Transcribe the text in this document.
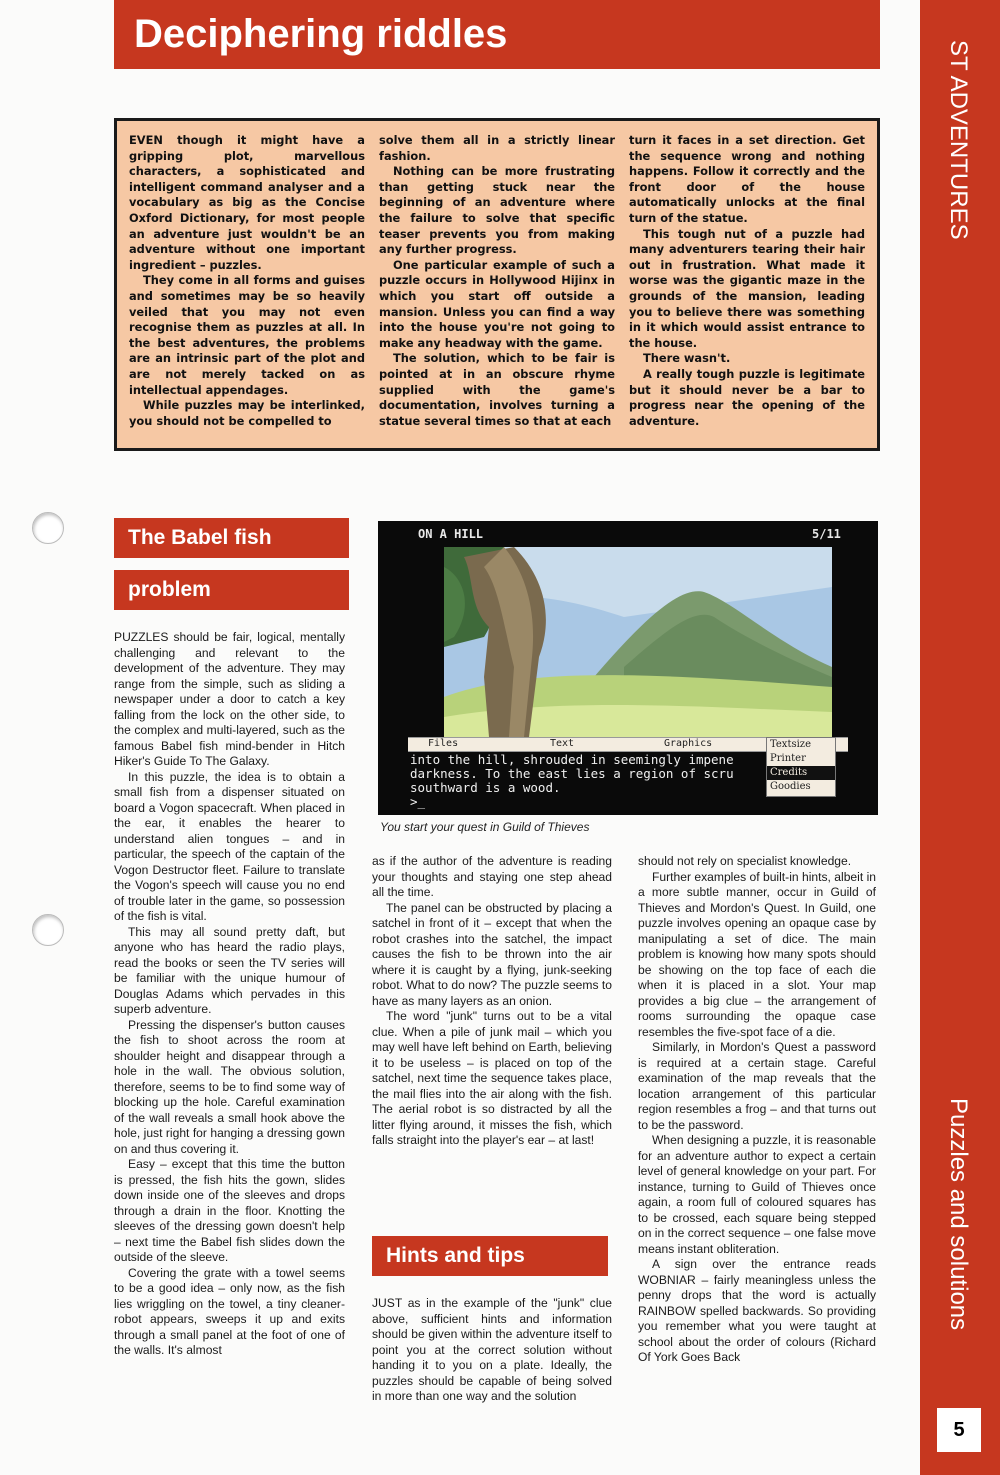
ST ADVENTURES
Puzzles and solutions
5
Deciphering riddles

EVEN though it might have a gripping plot, marvellous characters, a sophisticated and intelligent command analyser and a vocabulary as big as the Concise Oxford Dictionary, for most people an adventure just wouldn't be an adventure without one important ingredient – puzzles.

They come in all forms and guises and sometimes may be so heavily veiled that you may not even recognise them as puzzles at all. In the best adventures, the problems are an intrinsic part of the plot and are not merely tacked on as intellectual appendages.

While puzzles may be interlinked, you should not be compelled to

solve them all in a strictly linear fashion.

Nothing can be more frustrating than getting stuck near the beginning of an adventure where the failure to solve that specific teaser prevents you from making any further progress.

One particular example of such a puzzle occurs in Hollywood Hijinx in which you start off outside a mansion. Unless you can find a way into the house you're not going to make any headway with the game.

The solution, which to be fair is pointed at in an obscure rhyme supplied with the game's documentation, involves turning a statue several times so that at each

turn it faces in a set direction. Get the sequence wrong and nothing happens. Follow it correctly and the front door of the house automatically unlocks at the final turn of the statue.

This tough nut of a puzzle had many adventurers tearing their hair out in frustration. What made it worse was the gigantic maze in the grounds of the mansion, leading you to believe there was something in it which would assist entrance to the house.

There wasn't.

A really tough puzzle is legitimate but it should never be a bar to progress near the opening of the adventure.

The Babel fish
problem

PUZZLES should be fair, logical, mentally challenging and relevant to the development of the adventure. They may range from the simple, such as sliding a newspaper under a door to catch a key falling from the lock on the other side, to the complex and multi-layered, such as the famous Babel fish mind-bender in Hitch Hiker's Guide To The Galaxy.

In this puzzle, the idea is to obtain a small fish from a dispenser situated on board a Vogon spacecraft. When placed in the ear, it enables the hearer to understand alien tongues – and in particular, the speech of the captain of the Vogon Destructor fleet. Failure to translate the Vogon's speech will cause you no end of trouble later in the game, so possession of the fish is vital.

This may all sound pretty daft, but anyone who has heard the radio plays, read the books or seen the TV series will be familiar with the unique humour of Douglas Adams which pervades in this superb adventure.

Pressing the dispenser's button causes the fish to shoot across the room at shoulder height and disappear through a hole in the wall. The obvious solution, therefore, seems to be to find some way of blocking up the hole. Careful examination of the wall reveals a small hook above the hole, just right for hanging a dressing gown on and thus covering it.

Easy – except that this time the button is pressed, the fish hits the gown, slides down inside one of the sleeves and drops through a drain in the floor. Knotting the sleeves of the dressing gown doesn't help – next time the Babel fish slides down the outside of the sleeve.

Covering the grate with a towel seems to be a good idea – only now, as the fish lies wriggling on the towel, a tiny cleaner-robot appears, sweeps it up and exits through a small panel at the foot of one of the walls. It's almost

ON A HILL	5/11
Files	Text	Graphics
into the hill, shrouded in seemingly impene
darkness. To the east lies a region of scru
southward is a wood.
>_
Textsize
Printer
Credits
Goodies
You start your quest in Guild of Thieves

as if the author of the adventure is reading your thoughts and staying one step ahead all the time.

The panel can be obstructed by placing a satchel in front of it – except that when the robot crashes into the satchel, the impact causes the fish to be thrown into the air where it is caught by a flying, junk-seeking robot. What to do now? The puzzle seems to have as many layers as an onion.

The word "junk" turns out to be a vital clue. When a pile of junk mail – which you may well have left behind on Earth, believing it to be useless – is placed on top of the satchel, next time the sequence takes place, the mail flies into the air along with the fish. The aerial robot is so distracted by all the litter flying around, it misses the fish, which falls straight into the player's ear – at last!

Hints and tips

JUST as in the example of the "junk" clue above, sufficient hints and information should be given within the adventure itself to point you at the correct solution without handing it to you on a plate. Ideally, the puzzles should be capable of being solved in more than one way and the solution

should not rely on specialist knowledge.

Further examples of built-in hints, albeit in a more subtle manner, occur in Guild of Thieves and Mordon's Quest. In Guild, one puzzle involves opening an opaque case by manipulating a set of dice. The main problem is knowing how many spots should be showing on the top face of each die when it is placed in a slot. Your map provides a big clue – the arrangement of rooms surrounding the opaque case resembles the five-spot face of a die.

Similarly, in Mordon's Quest a password is required at a certain stage. Careful examination of the map reveals that the location arrangement of this particular region resembles a frog – and that turns out to be the password.

When designing a puzzle, it is reasonable for an adventure author to expect a certain level of general knowledge on your part. For instance, turning to Guild of Thieves once again, a room full of coloured squares has to be crossed, each square being stepped on in the correct sequence – one false move means instant obliteration.

A sign over the entrance reads WOBNIAR – fairly meaningless unless the penny drops that the word is actually RAINBOW spelled backwards. So providing you remember what you were taught at school about the order of colours (Richard Of York Goes Back
